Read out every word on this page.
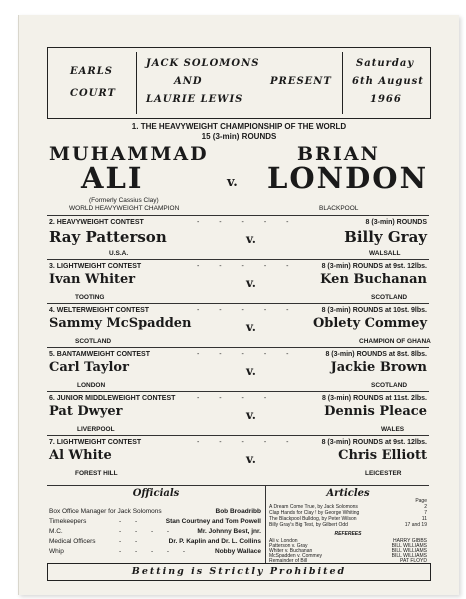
EARLS
COURT
JACK SOLOMONS
AND
LAURIE LEWIS
PRESENT
Saturday
6th August
1966
1. THE HEAVYWEIGHT CHAMPIONSHIP OF THE WORLD
15 (3-min) ROUNDS
MUHAMMAD
ALI
(Formerly Cassius Clay)
WORLD HEAVYWEIGHT CHAMPION
v.
BRIAN
LONDON
BLACKPOOL
2. HEAVYWEIGHT CONTEST	- - - - -	8 (3-min) ROUNDS
Ray Patterson	v.	Billy Gray
U.S.A.	WALSALL
3. LIGHTWEIGHT CONTEST	- - - - -	8 (3-min) ROUNDS at 9st. 12lbs.
Ivan Whiter	v.	Ken Buchanan
TOOTING	SCOTLAND
4. WELTERWEIGHT CONTEST	- - - - -	8 (3-min) ROUNDS at 10st. 9lbs.
Sammy McSpadden	v.	Oblety Commey
SCOTLAND	CHAMPION OF GHANA
5. BANTAMWEIGHT CONTEST	- - - - -	8 (3-min) ROUNDS at 8st. 8lbs.
Carl Taylor	v.	Jackie Brown
LONDON	SCOTLAND
6. JUNIOR MIDDLEWEIGHT CONTEST	- - - -	8 (3-min) ROUNDS at 11st. 2lbs.
Pat Dwyer	v.	Dennis Pleace
LIVERPOOL	WALES
7. LIGHTWEIGHT CONTEST	- - - - -	8 (3-min) ROUNDS at 9st. 12lbs.
Al White	v.	Chris Elliott
FOREST HILL	LEICESTER
Officials
Box Office Manager for Jack Solomons	Bob Broadribb
Timekeepers	- -	Stan Courtney and Tom Powell
M.C.	- - - -	Mr. Johnny Best, jnr.
Medical Officers	- -	Dr. P. Kaplin and Dr. L. Collins
Whip	- - - - -	Nobby Wallace
Articles
Page
A Dream Come True, by Jack Solomons	2
Clap Hands for Clay ! by George Whiting	7
The Blackpool Bulldog, by Peter Wilson	11
Billy Gray's Big Test, by Gilbert Odd	17 and 19
REFEREES
Ali v. London	HARRY GIBBS
Patterson v. Gray	BILL WILLIAMS
Whiter v. Buchanan	BILL WILLIAMS
McSpadden v. Commey	BILL WILLIAMS
Remainder of Bill	PAT FLOYD
Betting is Strictly Prohibited
